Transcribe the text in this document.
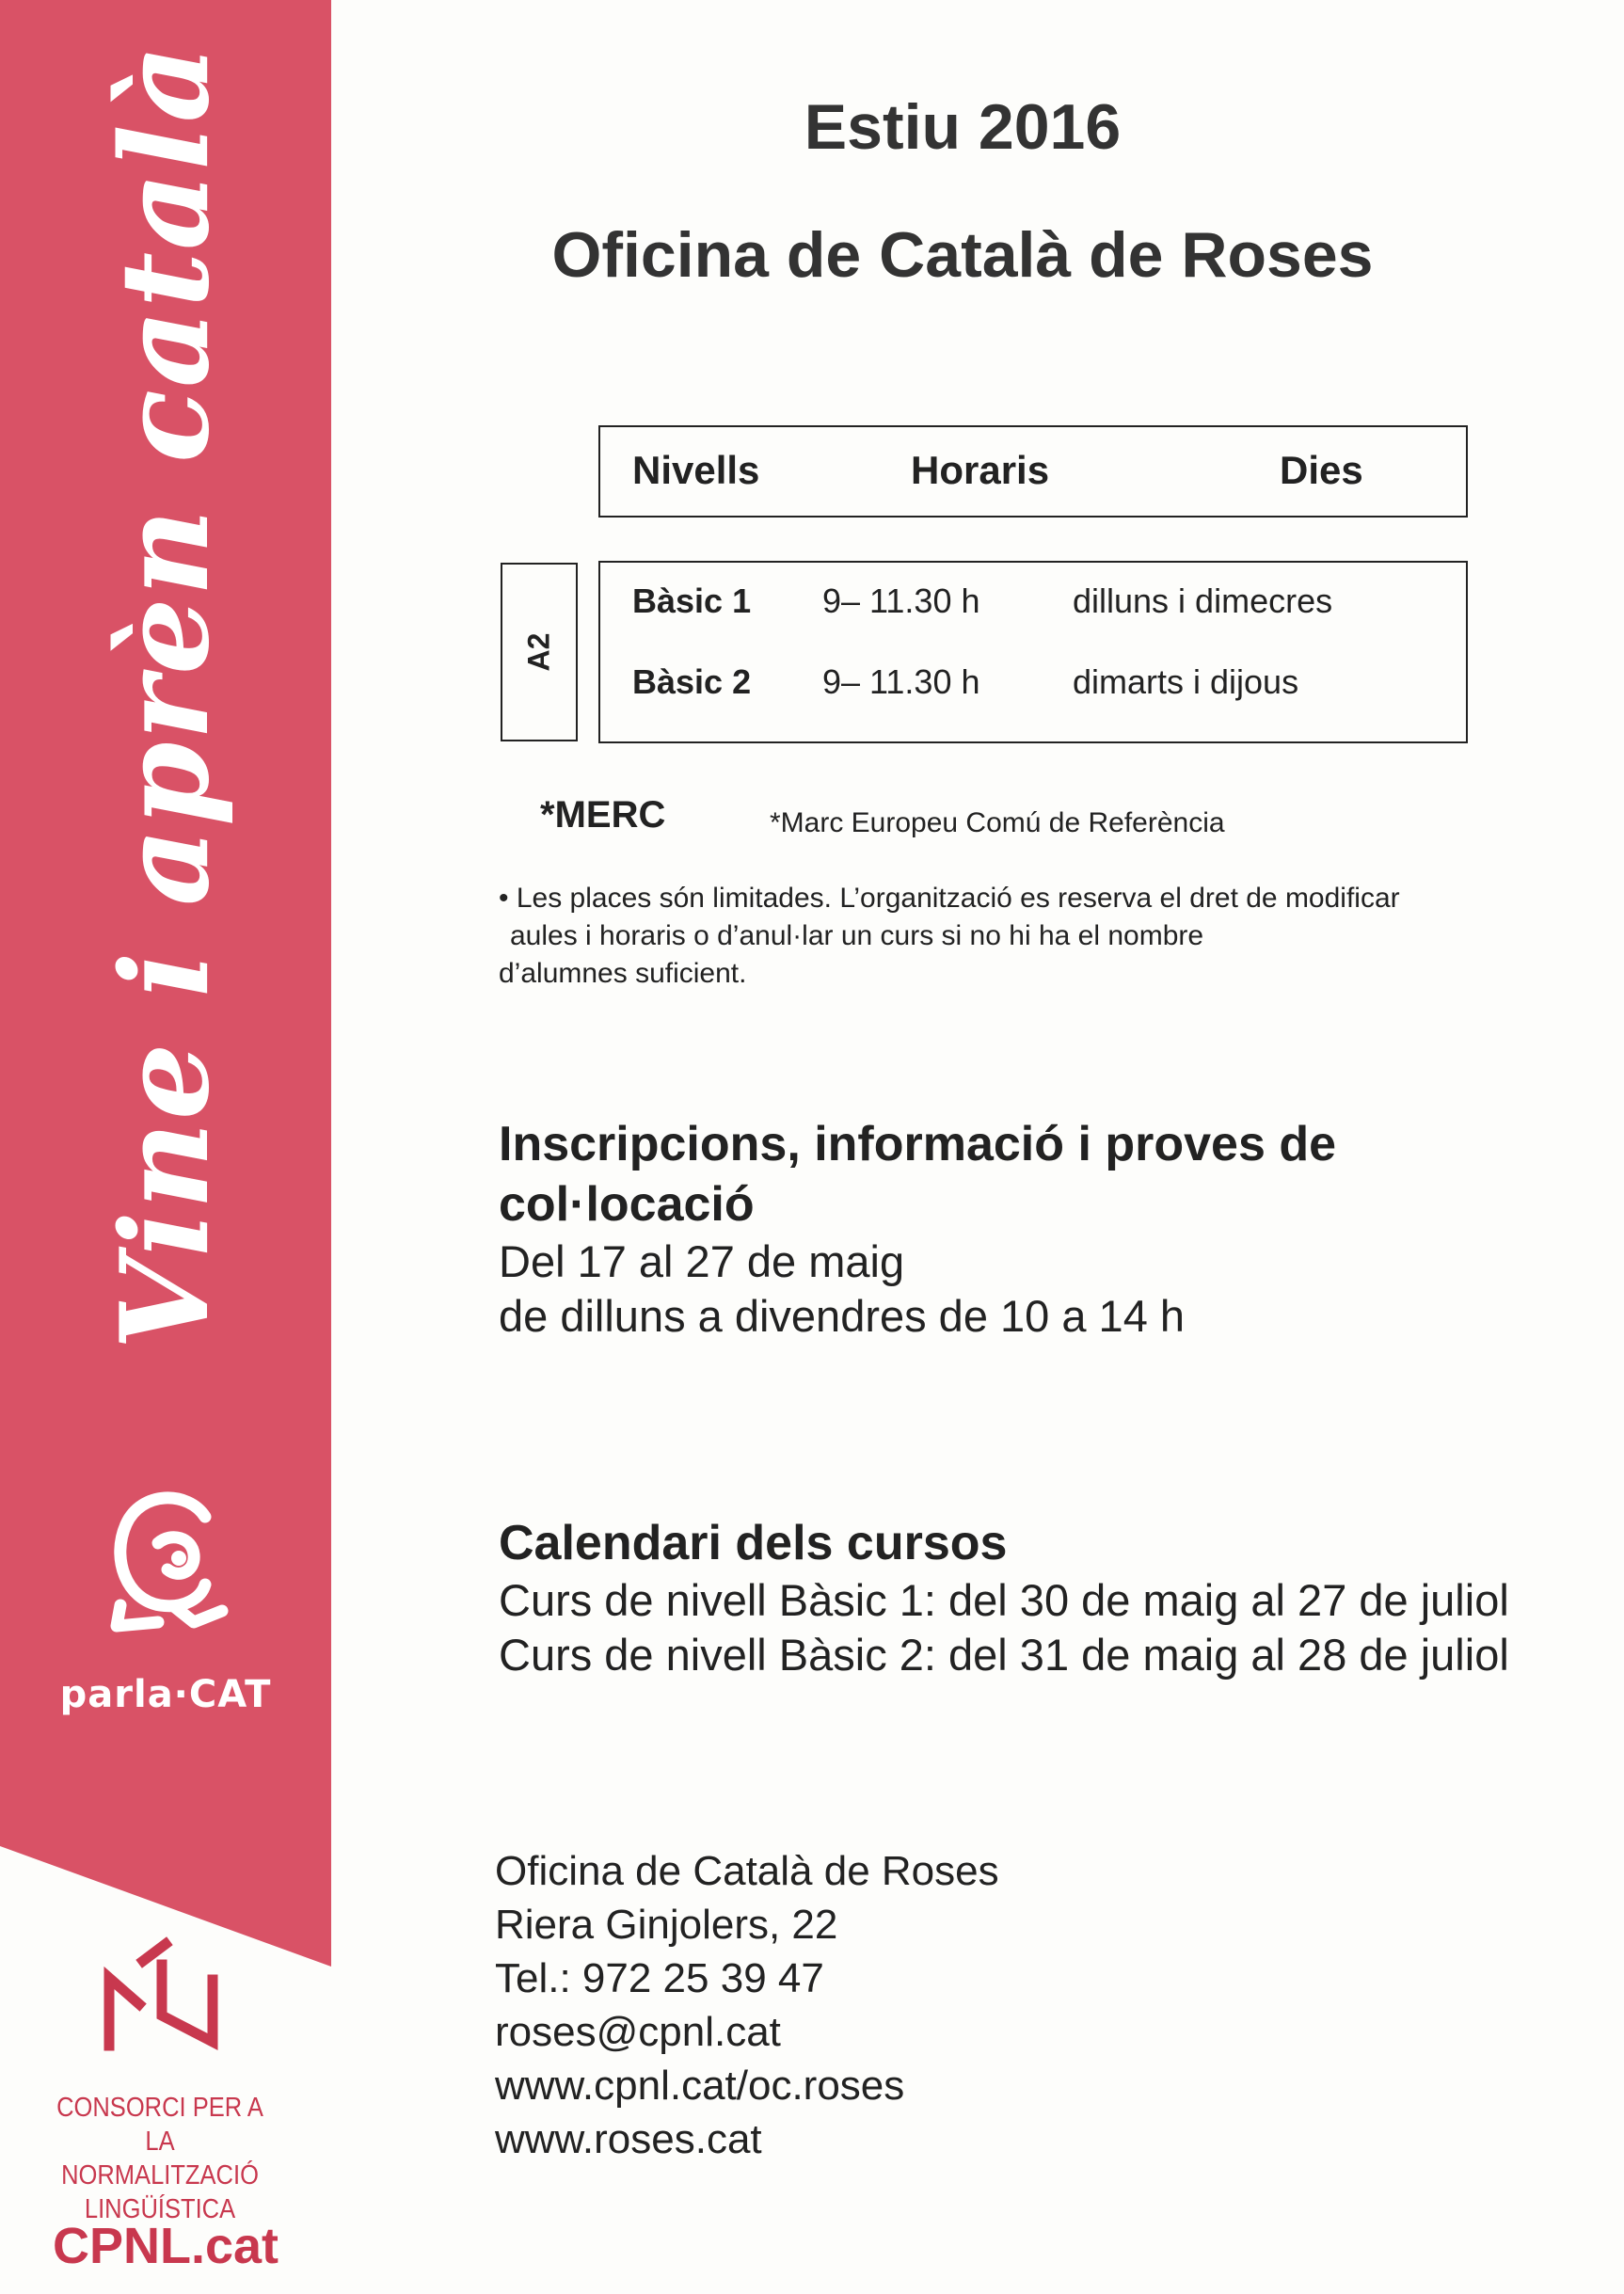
Vine i aprèn català
parla·CAT
CONSORCI PER A
LA NORMALITZACIÓ
LINGÜÍSTICA
CPNL.cat
Estiu 2016
Oficina de Català de Roses
Nivells	Horaris	Dies
A2
Bàsic 1 9– 11.30 h	dilluns i dimecres
Bàsic 2 9– 11.30 h	dimarts i dijous
*MERC	*Marc Europeu Comú de Referència
• Les places són limitades. L’organització es reserva el dret de modificar
aules i horaris o d’anul·lar un curs si no hi ha el nombre
d’alumnes suficient.
Inscripcions, informació i proves de
col·locació
Del 17 al 27 de maig
de dilluns a divendres de 10 a 14 h
Calendari dels cursos
Curs de nivell Bàsic 1: del 30 de maig al 27 de juliol
Curs de nivell Bàsic 2: del 31 de maig al 28 de juliol
Oficina de Català de Roses
Riera Ginjolers, 22
Tel.: 972 25 39 47
roses@cpnl.cat
www.cpnl.cat/oc.roses
www.roses.cat
